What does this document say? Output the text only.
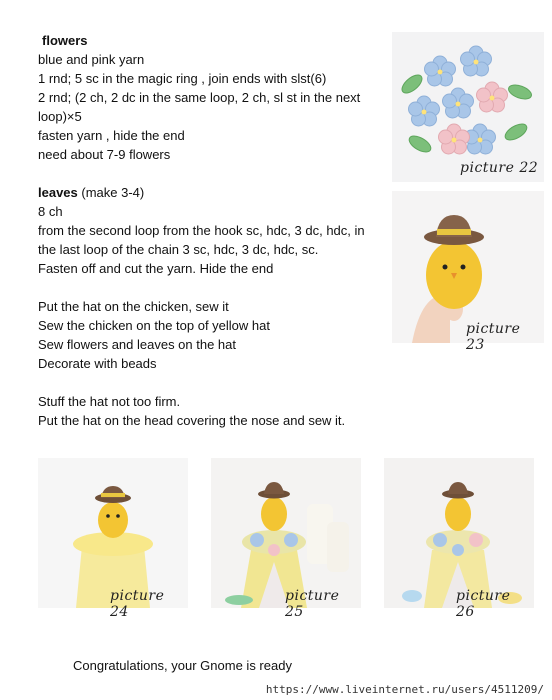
flowers
blue and pink yarn
1 rnd; 5 sc in the magic ring , join ends with slst(6)
2 rnd; (2 ch, 2 dc in the same loop, 2 ch, sl st in the next
loop)×5
fasten yarn , hide the end
need about 7-9 flowers
leaves (make 3-4)
8 ch
from the second loop from the hook sc, hdc, 3 dc, hdc, in
the last loop of the chain 3 sc, hdc, 3 dc, hdc, sc.
Fasten off and cut the yarn. Hide the end
Put the hat on the chicken, sew it
Sew the chicken on the top of yellow hat
Sew flowers and leaves on the hat
Decorate with beads
Stuff the hat not too firm.
Put the hat on the head covering the nose and sew it.
picture 22
picture 23
picture 24
picture 25
picture 26
Congratulations, your Gnome is ready
https://www.liveinternet.ru/users/4511209/
